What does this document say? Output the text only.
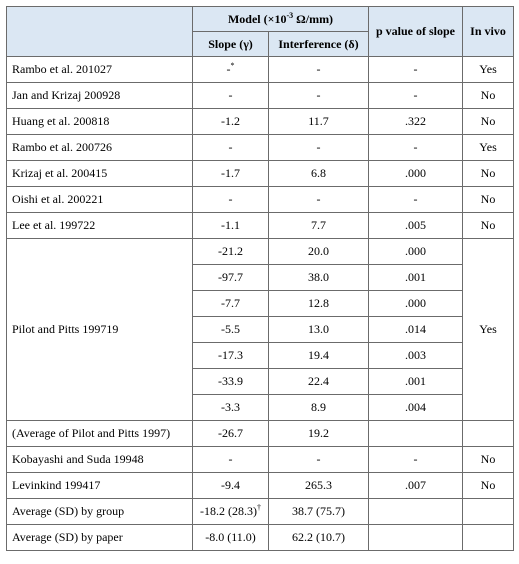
	Model ($\times 10^{-3}$ Ω/mm)		p value of slope	In vivo
	Slope (γ)	Interference (δ)		
Rambo et al. 201027	-*	-	-	Yes
Jan and Krizaj 200928	-	-	-	No
Huang et al. 200818	-1.2	11.7	.322	No
Rambo et al. 200726	-	-	-	Yes
Krizaj et al. 200415	-1.7	6.8	.000	No
Oishi et al. 200221	-	-	-	No
Lee et al. 199722	-1.1	7.7	.005	No
Pilot and Pitts 199719	-21.2	20.0	.000	Yes
	-97.7	38.0	.001	
	-7.7	12.8	.000	
	-5.5	13.0	.014	
	-17.3	19.4	.003	
	-33.9	22.4	.001	
	-3.3	8.9	.004	
(Average of Pilot and Pitts 1997)	-26.7	19.2		
Kobayashi and Suda 19948	-	-	-	No
Levinkind 199417	-9.4	265.3	.007	No
Average (SD) by group	-18.2 (28.3)†	38.7 (75.7)		
Average (SD) by paper	-8.0 (11.0)	62.2 (10.7)		
